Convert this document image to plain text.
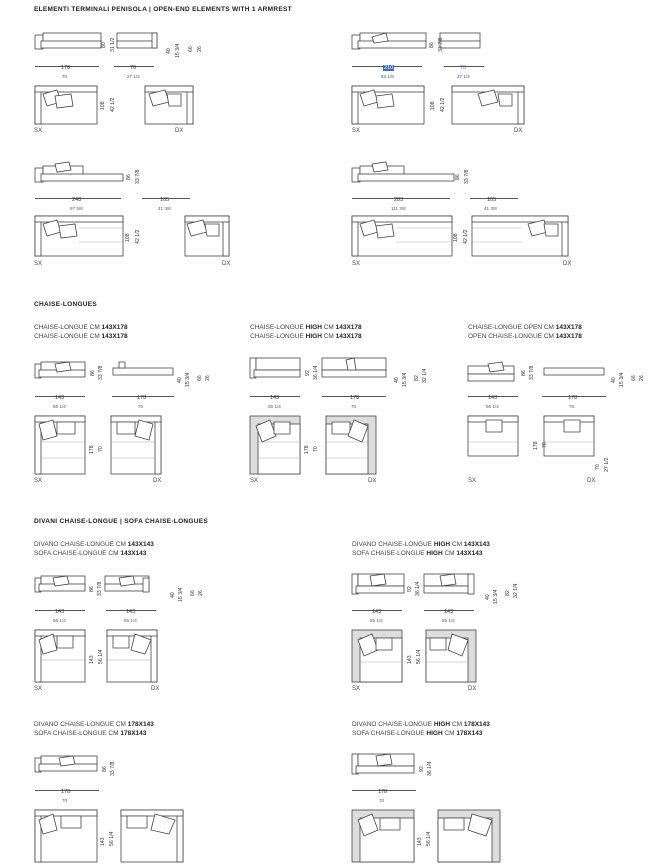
ELEMENTI TERMINALI PENISOLA | OPEN-END ELEMENTS WITH 1 ARMREST
80 31 1/2	40 15 3/4 66 26
178
70
70
27 1/2
108 42 1/2
SX	DX
86 33 7/8
210
83 1/8
70
27 1/2
108 42 1/2
SX	DX
86 33 7/8
248
97 5/8
105
41 3/8
108 42 1/2
SX	DX
86 33 7/8
283
111 3/8
105
41 3/8
108 42 1/2
SX	DX
CHAISE-LONGUES
CHAISE-LONGUE CM 143X178
CHAISE-LONGUE CM 143X178
CHAISE-LONGUE HIGH CM 143X178
CHAISE-LONGUE HIGH CM 143X178
CHAISE-LONGUE OPEN CM 143X178
OPEN CHAISE-LONGUE CM 143X178
86 33 7/8
40 15 3/4 66 26
143
56 1/4
178
70
178 70
SX	DX
92 36 1/4
40 15 3/4 82 32 1/4
143
56 1/4
178
70
178 70
SX	DX
86 33 7/8
40 15 3/4 66 26
143
56 1/4
178
70
178 70
70 27 1/2
SX	DX
DIVANI CHAISE-LONGUE | SOFA CHAISE-LONGUES
DIVANO CHAISE-LONGUE CM 143X143
SOFA CHAISE-LONGUE CM 143X143
DIVANO CHAISE-LONGUE HIGH CM 143X143
SOFA CHAISE-LONGUE HIGH CM 143X143
86 33 7/8	40 15 3/4 66 26
143
56 1/4
143
56 1/4
143 56 1/4
SX	DX
92 36 1/4
40 15 3/4 82 32 1/4
143
56 1/4
143
56 1/4
143 56 1/4
SX	DX
DIVANO CHAISE-LONGUE CM 178X143
SOFA CHAISE-LONGUE CM 178X143
DIVANO CHAISE-LONGUE HIGH CM 178X143
SOFA CHAISE-LONGUE HIGH CM 178X143
86 33 7/8
178
70
143 56 1/4
92 36 1/4
178
70
143 56 1/4
